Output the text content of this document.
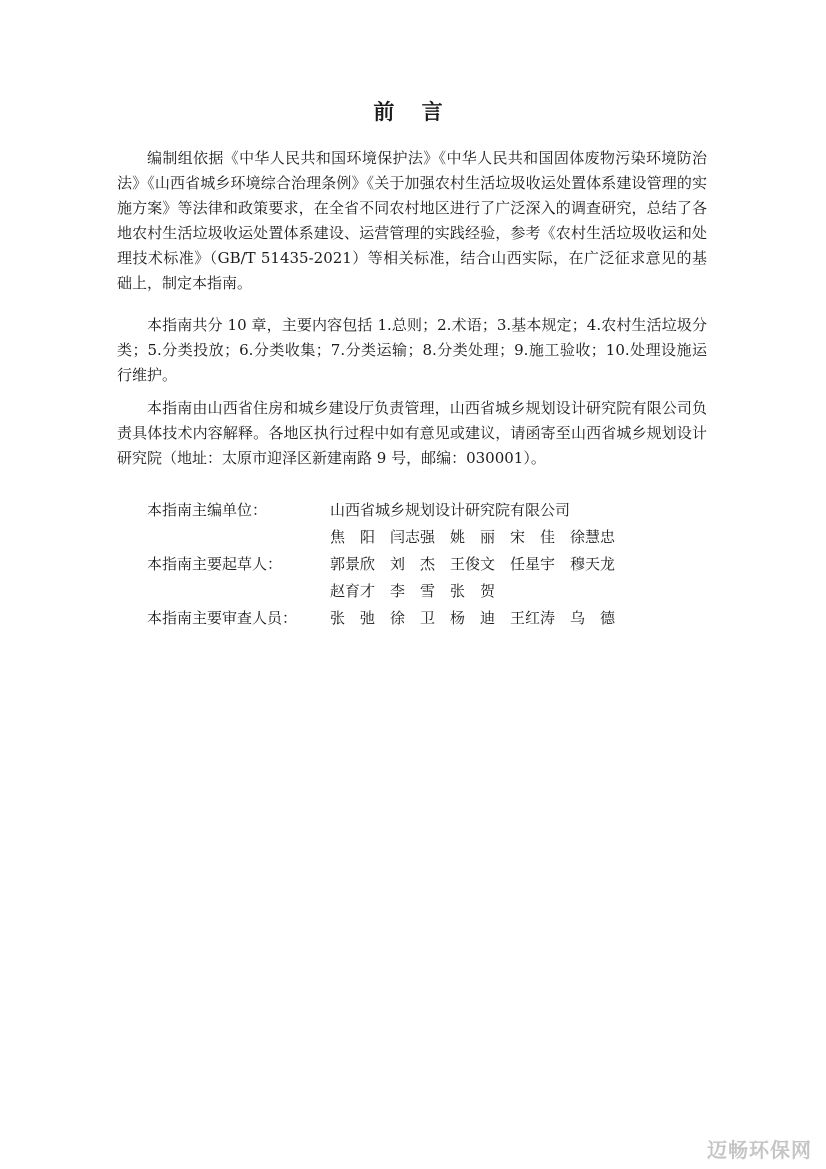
前 言

编制组依据《中华人民共和国环境保护法》《中华人民共和国固体废物污染环境防治法》《山西省城乡环境综合治理条例》《关于加强农村生活垃圾收运处置体系建设管理的实施方案》等法律和政策要求，在全省不同农村地区进行了广泛深入的调查研究，总结了各地农村生活垃圾收运处置体系建设、运营管理的实践经验，参考《农村生活垃圾收运和处理技术标准》（GB/T 51435-2021）等相关标准，结合山西实际，在广泛征求意见的基础上，制定本指南。

本指南共分 10 章，主要内容包括 1.总则；2.术语；3.基本规定；4.农村生活垃圾分类；5.分类投放；6.分类收集；7.分类运输；8.分类处理；9.施工验收；10.处理设施运行维护。

本指南由山西省住房和城乡建设厅负责管理，山西省城乡规划设计研究院有限公司负责具体技术内容解释。各地区执行过程中如有意见或建议，请函寄至山西省城乡规划设计研究院（地址：太原市迎泽区新建南路 9 号，邮编：030001）。

本指南主编单位：	山西省城乡规划设计研究院有限公司
焦　阳　闫志强　姚　丽　宋　佳　徐慧忠
本指南主要起草人：	郭景欣　刘　杰　王俊文　任星宇　穆天龙
赵育才　李　雪　张　贺
本指南主要审查人员： 张　弛　徐　卫　杨　迪　王红涛　乌　德
迈畅环保网
